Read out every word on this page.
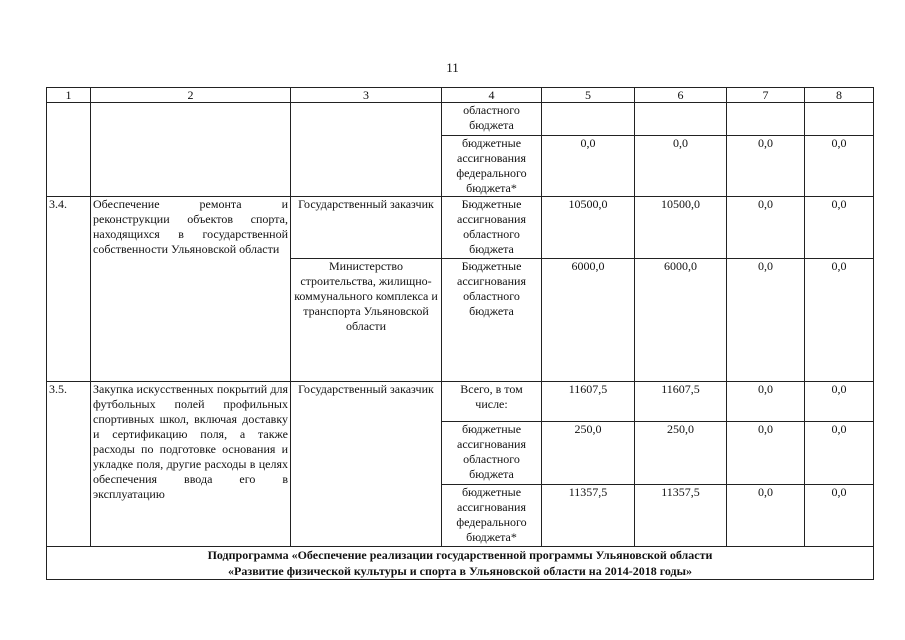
11
1	2	3	4	5	6	7	8
			областного бюджета				
			бюджетные ассигнования федерального бюджета*	0,0	0,0	0,0	0,0
3.4.	Обеспечение ремонта и реконструкции объектов спорта, находящихся в государственной собственности Ульяновской области	Государственный заказчик	Бюджетные ассигнования областного бюджета	10500,0	10500,0	0,0	0,0
		Министерство строительства, жилищно-коммунального комплекса и транспорта Ульяновской области	Бюджетные ассигнования областного бюджета	6000,0	6000,0	0,0	0,0
3.5.	Закупка искусственных покрытий для футбольных полей профильных спортивных школ, включая доставку и сертификацию поля, а также расходы по подготовке основания и укладке поля, другие расходы в целях обеспечения ввода его в эксплуатацию	Государственный заказчик	Всего, в том числе:	11607,5	11607,5	0,0	0,0
			бюджетные ассигнования областного бюджета	250,0	250,0	0,0	0,0
			бюджетные ассигнования федерального бюджета*	11357,5	11357,5	0,0	0,0

Подпрограмма «Обеспечение реализации государственной программы Ульяновской области
«Развитие физической культуры и спорта в Ульяновской области на 2014-2018 годы»							
